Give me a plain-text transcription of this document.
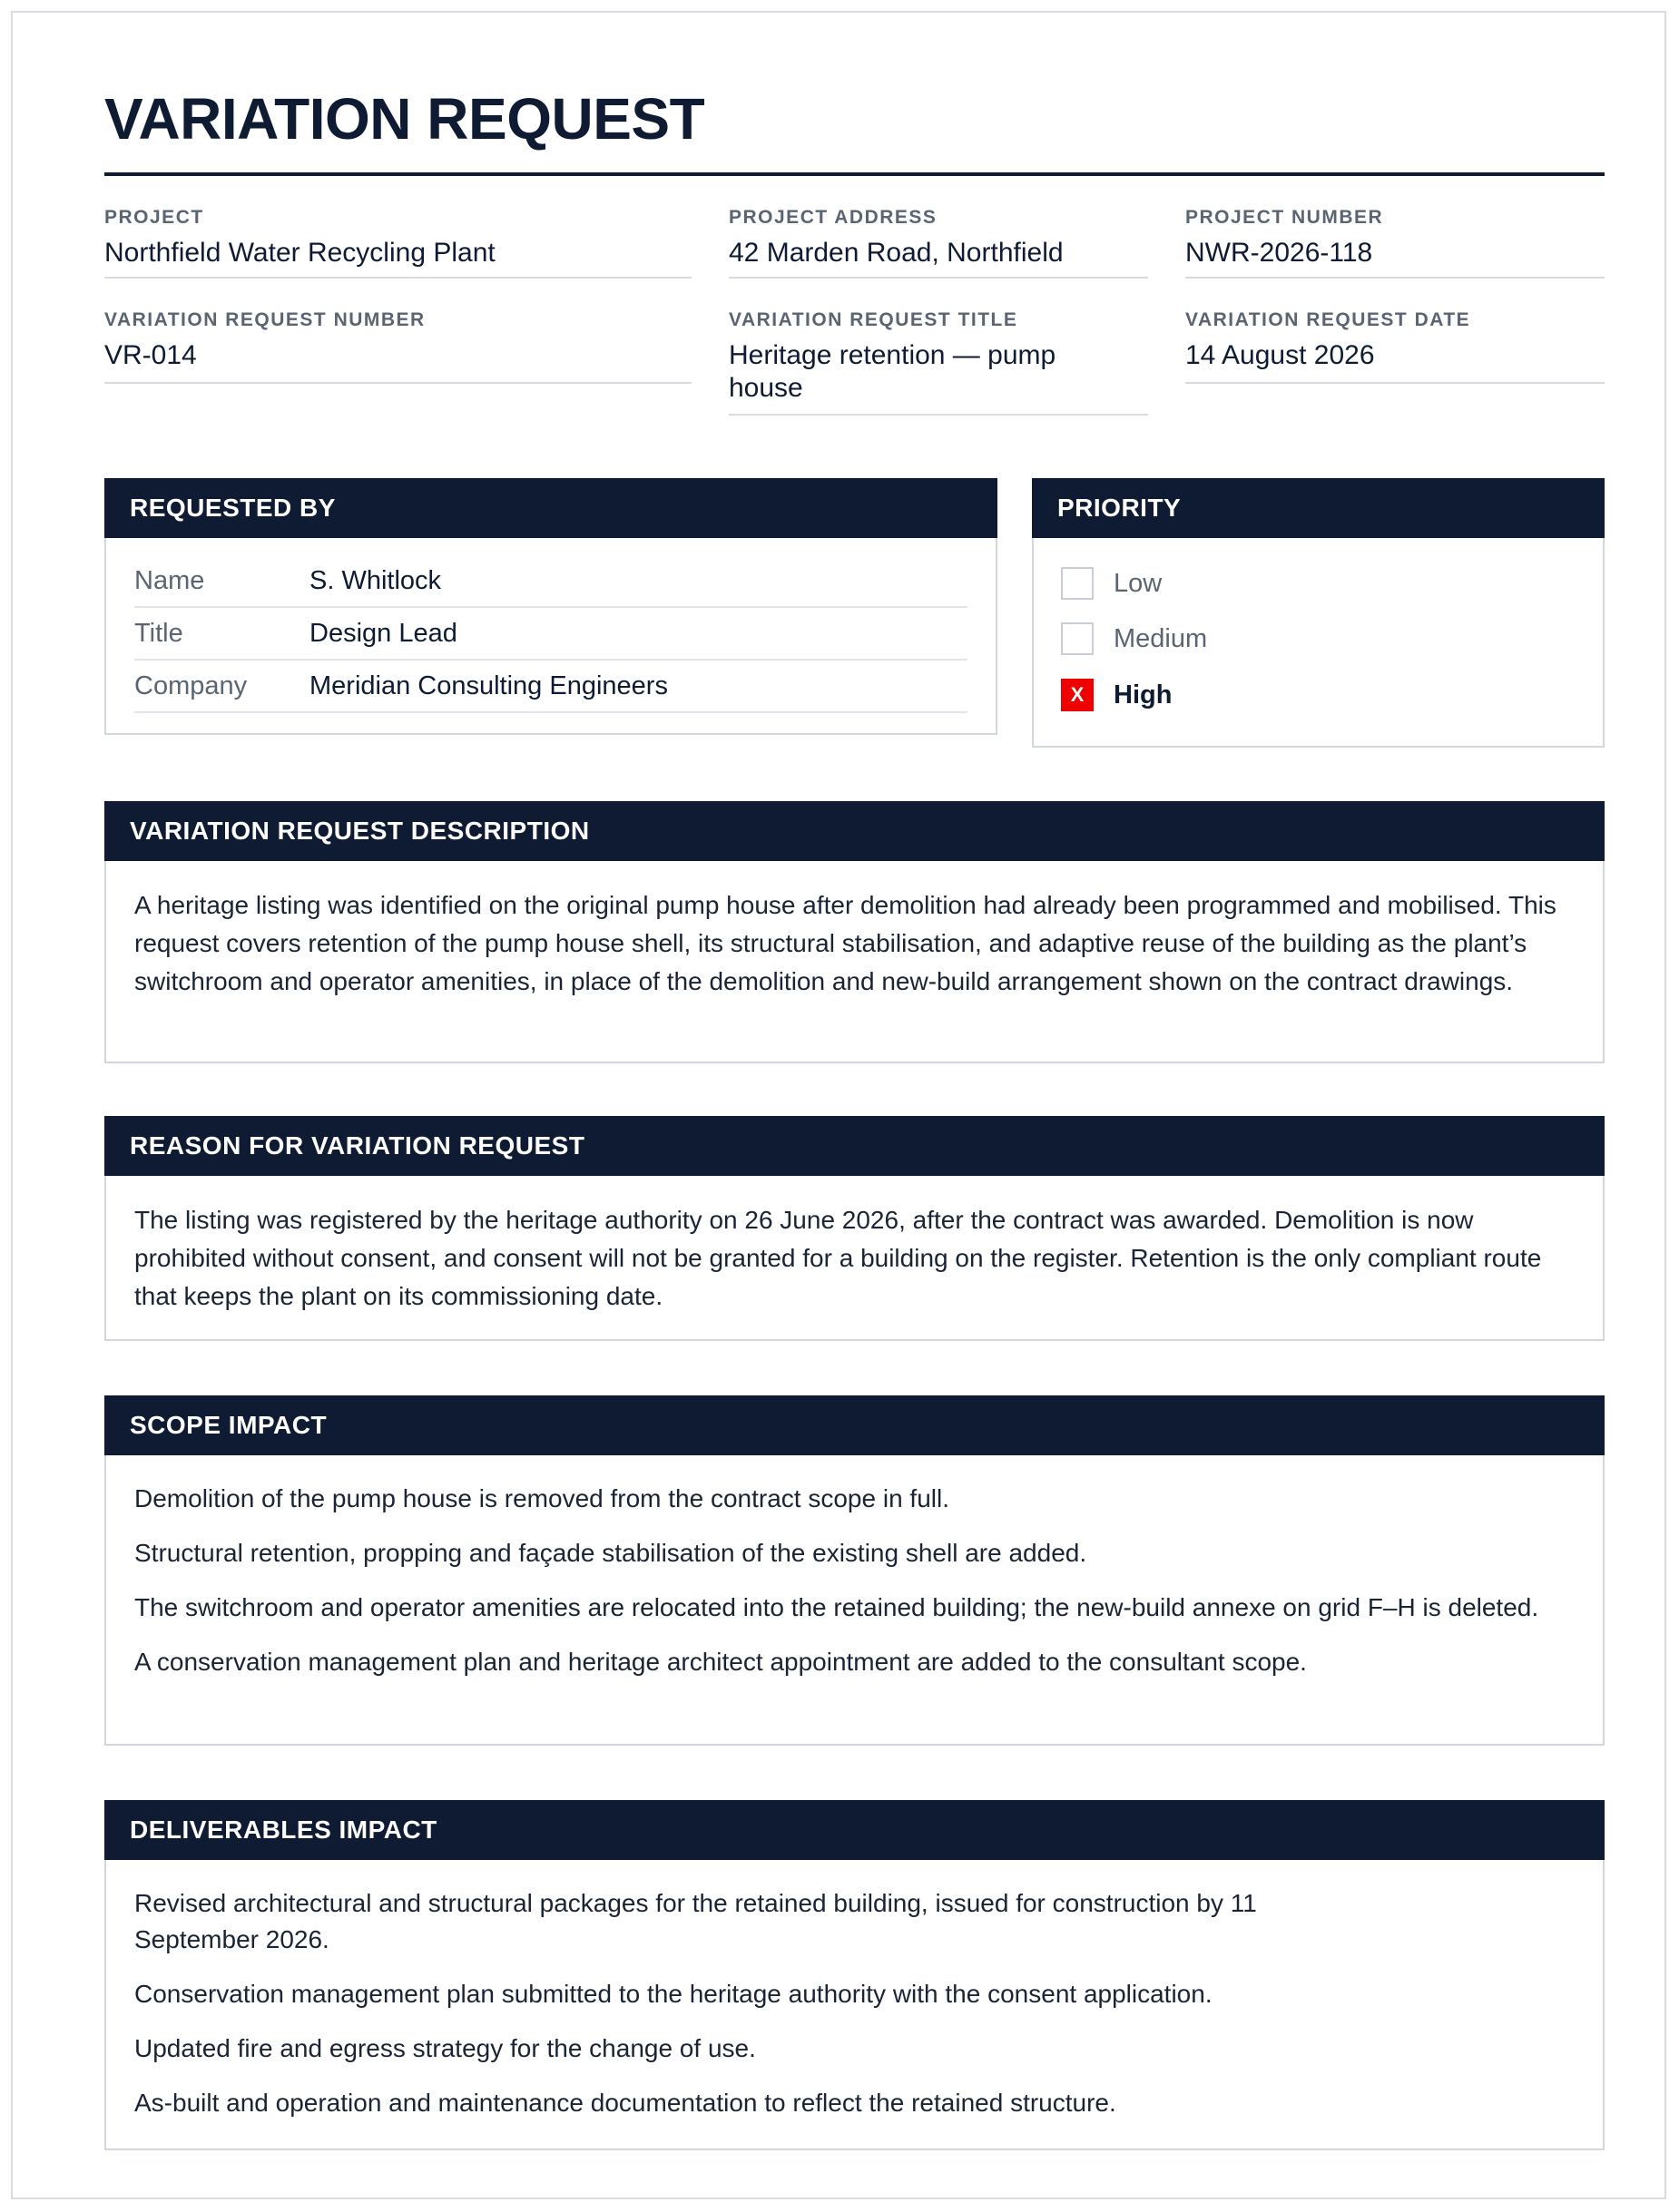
VARIATION REQUEST
PROJECT
Northfield Water Recycling Plant
PROJECT ADDRESS
42 Marden Road, Northfield
PROJECT NUMBER
NWR-2026-118
VARIATION REQUEST NUMBER
VR-014
VARIATION REQUEST TITLE
Heritage retention — pump house
VARIATION REQUEST DATE
14 August 2026
REQUESTED BY
Name	S. Whitlock
Title	Design Lead
Company	Meridian Consulting Engineers
PRIORITY
Low
Medium
X	High
VARIATION REQUEST DESCRIPTION

A heritage listing was identified on the original pump house after demolition had already been programmed and mobilised. This request covers retention of the pump house shell, its structural stabilisation, and adaptive reuse of the building as the plant’s switchroom and operator amenities, in place of the demolition and new-build arrangement shown on the contract drawings.

REASON FOR VARIATION REQUEST

The listing was registered by the heritage authority on 26 June 2026, after the contract was awarded. Demolition is now prohibited without consent, and consent will not be granted for a building on the register. Retention is the only compliant route that keeps the plant on its commissioning date.

SCOPE IMPACT
Demolition of the pump house is removed from the contract scope in full.
Structural retention, propping and façade stabilisation of the existing shell are added.
The switchroom and operator amenities are relocated into the retained building; the new-build annexe on grid F–H is deleted.
A conservation management plan and heritage architect appointment are added to the consultant scope.
DELIVERABLES IMPACT
Revised architectural and structural packages for the retained building, issued for construction by 11 September 2026.
Conservation management plan submitted to the heritage authority with the consent application.
Updated fire and egress strategy for the change of use.
As-built and operation and maintenance documentation to reflect the retained structure.
